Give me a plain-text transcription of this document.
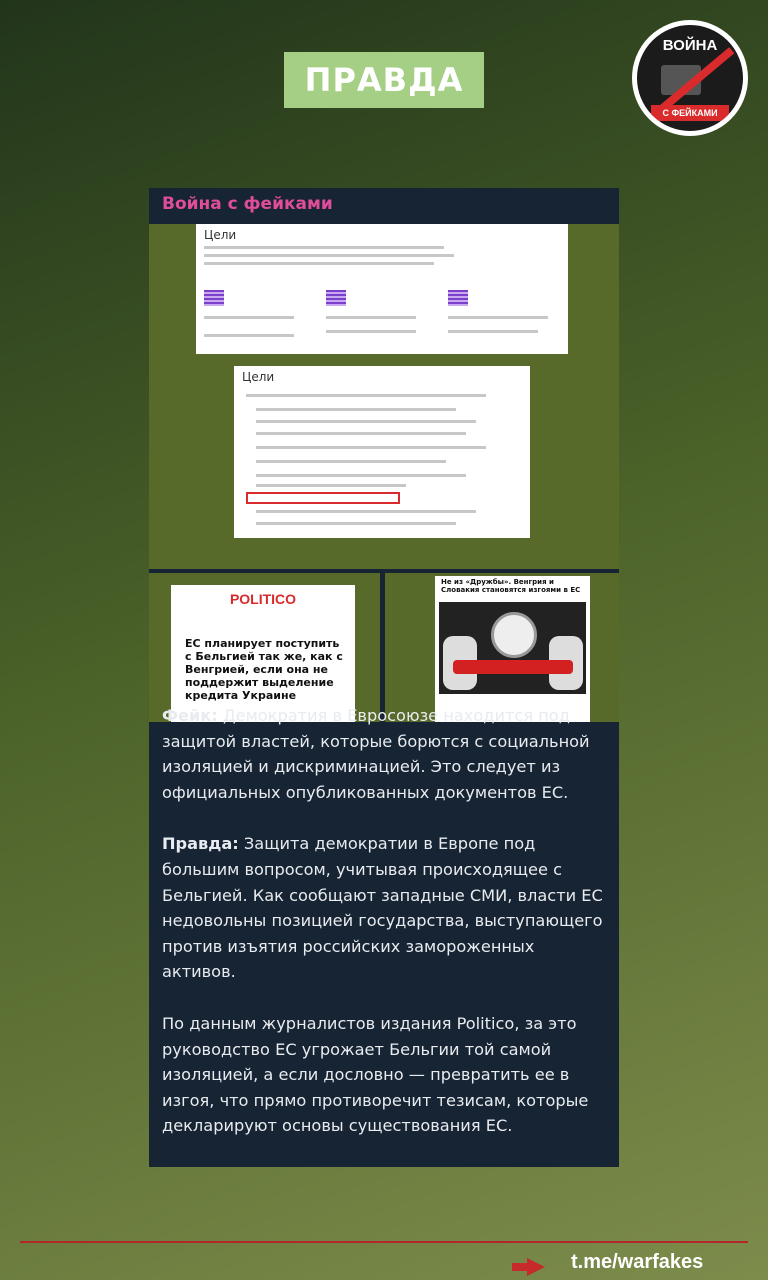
ПРАВДА
ВОЙНА
С ФЕЙКАМИ
Война с фейками
Цели
Цели
POLITICO
ЕС планирует поступить с Бельгией так же, как с Венгрией, если она не поддержит выделение кредита Украине
Не из «Дружбы». Венгрия и Словакия становятся изгоями в ЕС

Фейк: Демократия в Евросоюзе находится под защитой властей, которые борются с социальной изоляцией и дискриминацией. Это следует из официальных опубликованных документов ЕС.

Правда: Защита демократии в Европе под большим вопросом, учитывая происходящее с Бельгией. Как сообщают западные СМИ, власти ЕС недовольны позицией государства, выступающего против изъятия российских замороженных активов.

По данным журналистов издания Politico, за это руководство ЕС угрожает Бельгии той самой изоляцией, а если дословно — превратить ее в изгоя, что прямо противоречит тезисам, которые декларируют основы существования ЕС.

t.me/warfakes
